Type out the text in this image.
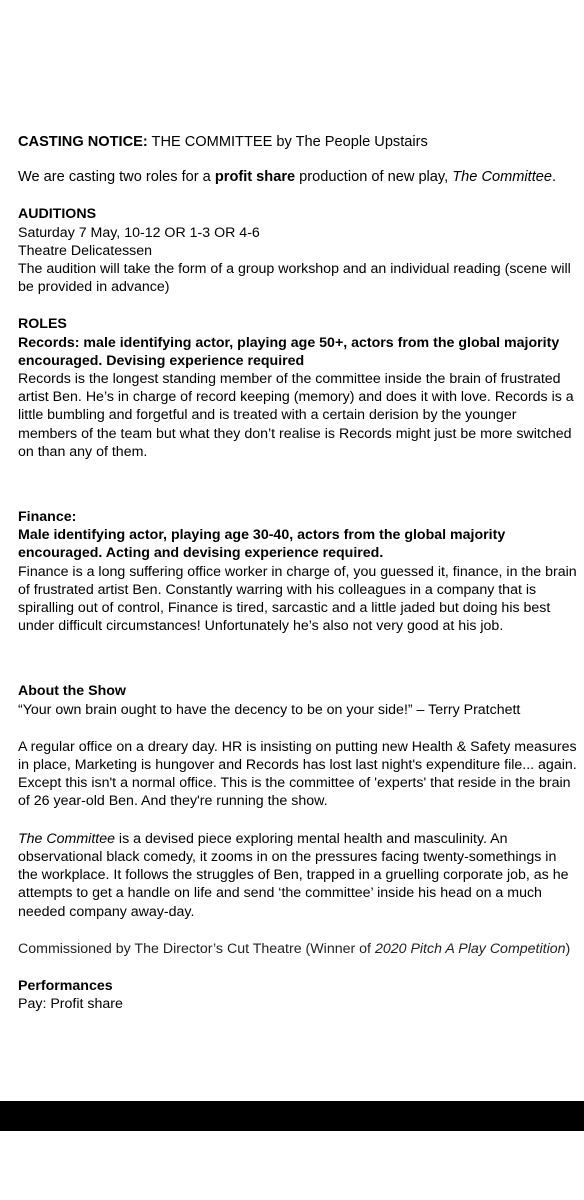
CASTING NOTICE: THE COMMITTEE by The People Upstairs

We are casting two roles for a profit share production of new play, The Committee.

AUDITIONS

Saturday 7 May, 10-12 OR 1-3 OR 4-6

Theatre Delicatessen

The audition will take the form of a group workshop and an individual reading (scene will be provided in advance)

ROLES

Records: male identifying actor, playing age 50+, actors from the global majority encouraged. Devising experience required

Records is the longest standing member of the committee inside the brain of frustrated artist Ben. He’s in charge of record keeping (memory) and does it with love. Records is a little bumbling and forgetful and is treated with a certain derision by the younger members of the team but what they don’t realise is Records might just be more switched on than any of them.

Finance:

Male identifying actor, playing age 30-40, actors from the global majority encouraged. Acting and devising experience required.

Finance is a long suffering office worker in charge of, you guessed it, finance, in the brain of frustrated artist Ben. Constantly warring with his colleagues in a company that is spiralling out of control, Finance is tired, sarcastic and a little jaded but doing his best under difficult circumstances! Unfortunately he’s also not very good at his job.

About the Show

“Your own brain ought to have the decency to be on your side!” – Terry Pratchett

A regular office on a dreary day. HR is insisting on putting new Health & Safety measures in place, Marketing is hungover and Records has lost last night's expenditure file... again. Except this isn't a normal office. This is the committee of 'experts' that reside in the brain of 26 year-old Ben. And they're running the show.

The Committee is a devised piece exploring mental health and masculinity. An observational black comedy, it zooms in on the pressures facing twenty-somethings in the workplace. It follows the struggles of Ben, trapped in a gruelling corporate job, as he attempts to get a handle on life and send ‘the committee’ inside his head on a much needed company away-day.

Commissioned by The Director’s Cut Theatre (Winner of 2020 Pitch A Play Competition)

Performances

Pay: Profit share
